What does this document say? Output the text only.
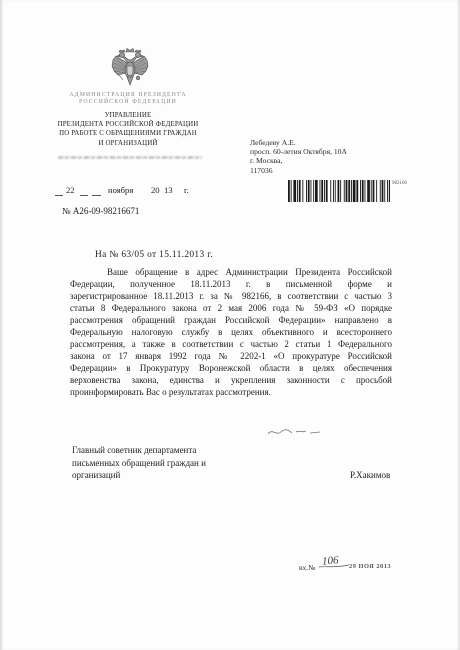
АДМИНИСТРАЦИЯ ПРЕЗИДЕНТА
РОССИЙСКОЙ ФЕДЕРАЦИИ
УПРАВЛЕНИЕ
ПРЕЗИДЕНТА РОССИЙСКОЙ ФЕДЕРАЦИИ
ПО РАБОТЕ С ОБРАЩЕНИЯМИ ГРАЖДАН
И ОРГАНИЗАЦИЙ	Лебедеву А.Е.
просп. 60-летия Октября, 10А
г. Москва,
117036
22	ноября 20 13 г.
№ А26-09-98216671
982166
На № 63/05 от 15.11.2013 г.
Ваше обращение в адрес Администрации Президента Российской
Федерации, полученное 18.11.2013 г. в письменной форме и
зарегистрированное 18.11.2013 г. за № 982166, в соответствии с частью 3
статьи 8 Федерального закона от 2 мая 2006 года № 59-ФЗ «О порядке
рассмотрения обращений граждан Российской Федерации» направлено в
Федеральную налоговую службу в целях объективного и всестороннего
рассмотрения, а также в соответствии с частью 2 статьи 1 Федерального
закона от 17 января 1992 года № 2202-1 «О прокуратуре Российской
Федерации» в Прокуратуру Воронежской области в целях обеспечения
верховенства закона, единства и укрепления законности с просьбой
проинформировать Вас о результатах рассмотрения.
Главный советник департамента
письменных обращений граждан и
организаций	Р.Хакимов
вх.№ 106 29 НОЯ 2013
